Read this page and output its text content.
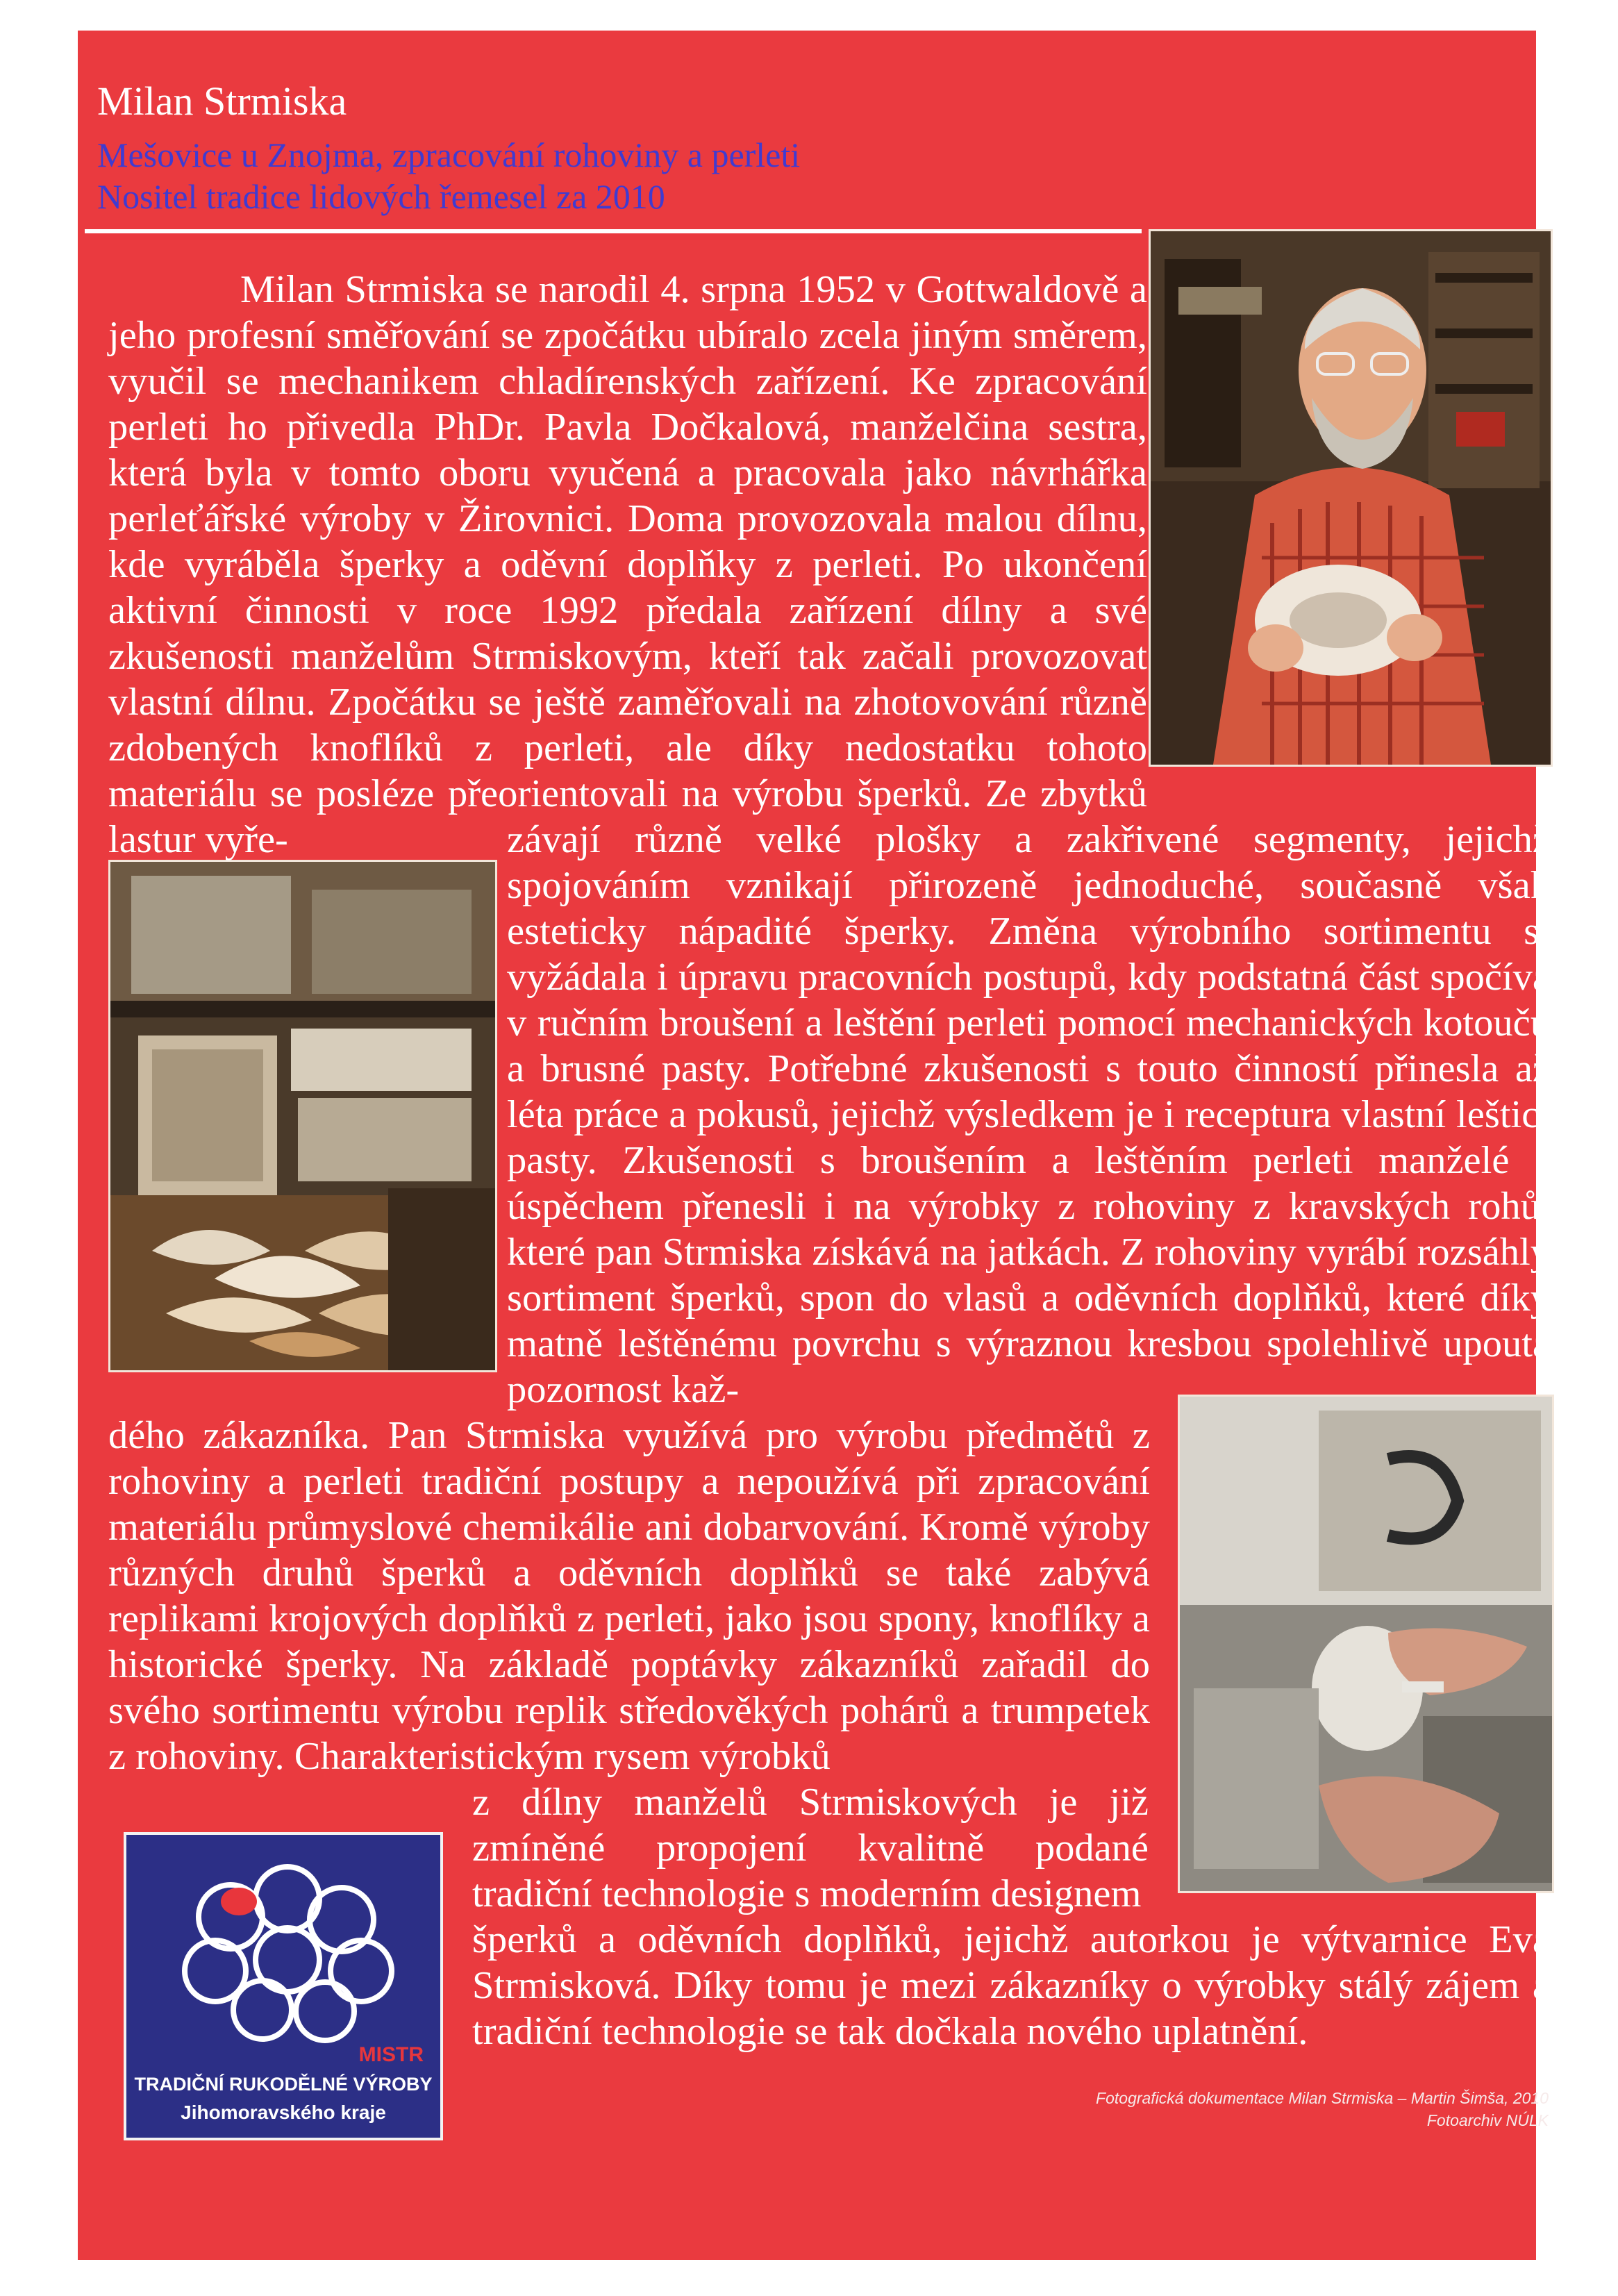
Milan Strmiska

Mešovice u Znojma, zpracování rohoviny a perleti

Nositel tradice lidových řemesel za 2010

Milan Strmiska se narodil 4. srpna 1952 v Gottwaldově a jeho profesní směřování se zpočátku ubíralo zcela jiným směrem, vyučil se mechanikem chladírenských zařízení. Ke zpracování perleti ho přivedla PhDr. Pavla Dočkalová, manželčina sestra, která byla v tomto oboru vyučená a pracovala jako návrhářka perleťářské výroby v Žirovnici. Doma provozovala malou dílnu, kde vyráběla šperky a oděvní doplňky z perleti. Po ukončení aktivní činnosti v roce 1992 předala zařízení dílny a své zkušenosti manželům Strmiskovým, kteří tak začali provozovat vlastní dílnu. Zpočátku se ještě zaměřovali na zhotovování různě zdobených knoflíků z perleti, ale díky nedostatku tohoto materiálu se posléze přeorientovali na výrobu šperků. Ze zbytků lastur vyře-	závají různě velké plošky a zakřivené segmenty, jejichž spojováním vznikají přirozeně jednoduché, současně však esteticky nápadité šperky. Změna výrobního sortimentu si vyžádala i úpravu pracovních postupů, kdy podstatná část spočívá v ručním broušení a leštění perleti pomocí mechanických kotoučů a brusné pasty. Potřebné zkušenosti s touto činností přinesla až léta práce a pokusů, jejichž výsledkem je i receptura vlastní lešticí pasty. Zkušenosti s broušením a leštěním perleti manželé s úspěchem přenesli i na výrobky z rohoviny z kravských rohů, které pan Strmiska získává na jatkách. Z rohoviny vyrábí rozsáhlý sortiment šperků, spon do vlasů a oděvních doplňků, které díky matně leštěnému povrchu s výraznou kresbou spolehlivě upoutá pozornost kaž-

dého zákazníka. Pan Strmiska využívá pro výrobu předmětů z rohoviny a perleti tradiční postupy a nepoužívá při zpracování materiálu průmyslové chemikálie ani dobarvování. Kromě výroby různých druhů šperků a oděvních doplňků se také zabývá replikami krojových doplňků z perleti, jako jsou spony, knoflíky a historické šperky. Na základě poptávky zákazníků zařadil do svého sortimentu výrobu replik středověkých pohárů a trumpetek z rohoviny. Charakteristickým rysem výrobků

z dílny manželů Strmiskových je již zmíněné propojení kvalitně podané tradiční technologie s moderním designem

šperků a oděvních doplňků, jejichž autorkou je výtvarnice Eva Strmisková. Díky tomu je mezi zákazníky o výrobky stálý zájem a tradiční technologie se tak dočkala nového uplatnění.

Fotografická dokumentace Milan Strmiska – Martin Šimša, 2010

Fotoarchiv NÚLK

MISTR

TRADIČNÍ RUKODĚLNÉ VÝROBY

Jihomoravského kraje
